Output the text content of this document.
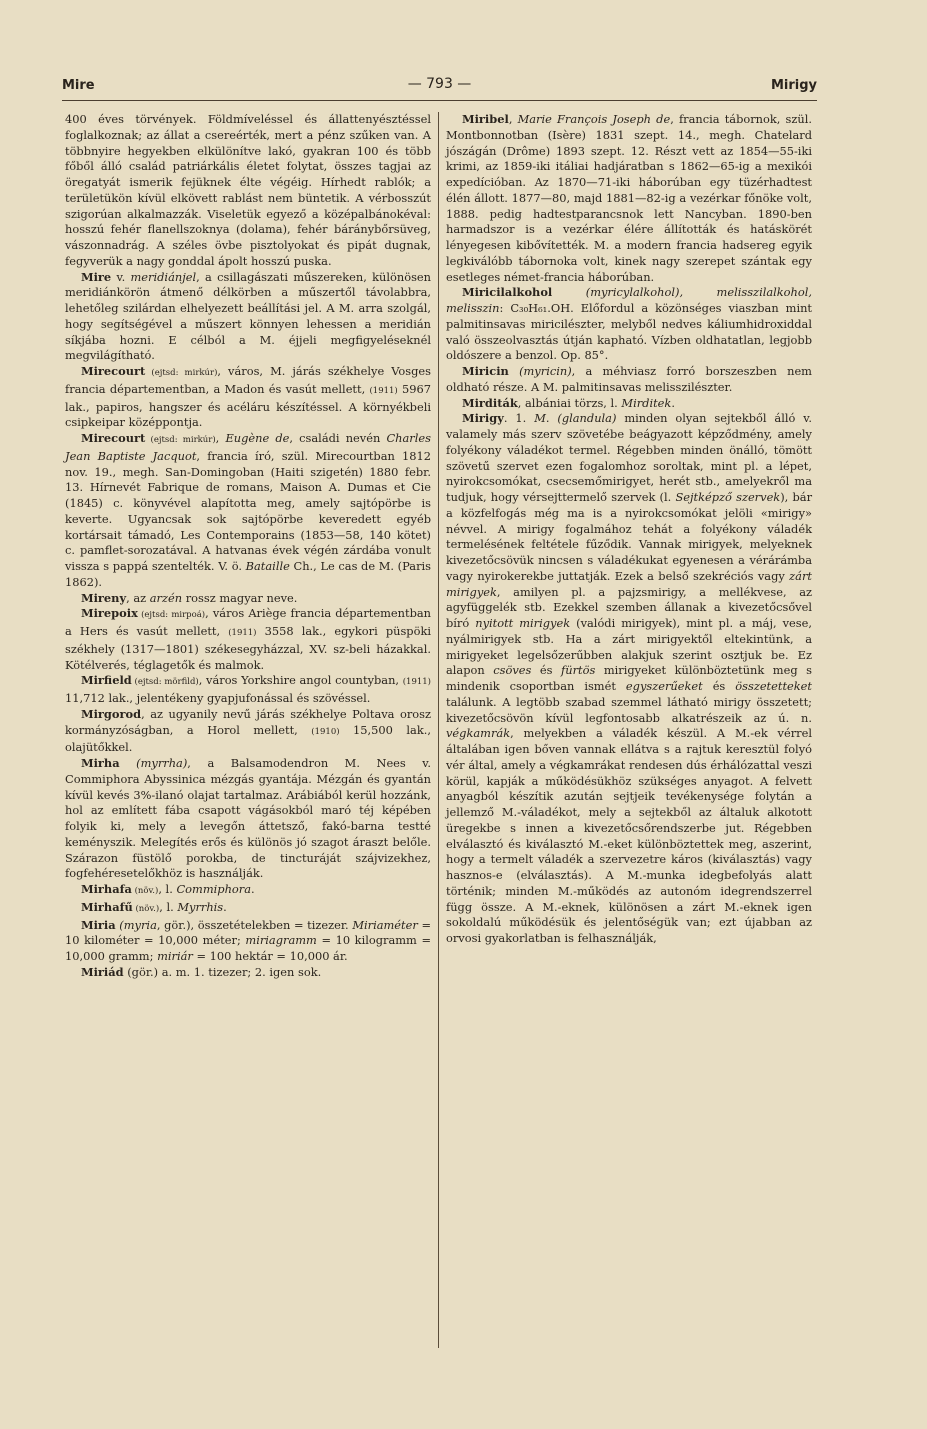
Mire	— 793 —	Mirigy

400 éves törvények. Földmíveléssel és állattenyésztéssel foglalkoznak; az állat a csereérték, mert a pénz szűken van. A többnyire hegyekben elkülönítve lakó, gyakran 100 és több főből álló család patriárkális életet folytat, összes tagjai az öregatyát ismerik fejüknek élte végéig. Hírhedt rablók; a területükön kívül elkövett rablást nem büntetik. A vérbosszút szigorúan alkalmazzák. Viseletük egyező a középalbánokéval: hosszú fehér flanellszoknya (dolama), fehér báránybőrsüveg, vászonnadrág. A széles övbe pisztolyokat és pipát dugnak, fegyverük a nagy gonddal ápolt hosszú puska.

Mire v. meridiánjel, a csillagászati műszereken, különösen meridiánkörön átmenő délkörben a műszertől távolabbra, lehetőleg szilárdan elhelyezett beállítási jel. A M. arra szolgál, hogy segítségével a műszert könnyen lehessen a meridián síkjába hozni. E célból a M. éjjeli megfigyeléseknél megvilágítható.

Mirecourt (ejtsd: mirkúr), város, M. járás székhelye Vosges francia départementban, a Madon és vasút mellett, (1911) 5967 lak., papiros, hangszer és acéláru készítéssel. A környékbeli csipkeipar középpontja.

Mirecourt (ejtsd: mirkúr), Eugène de, családi nevén Charles Jean Baptiste Jacquot, francia író, szül. Mirecourtban 1812 nov. 19., megh. San-Domingoban (Haiti szigetén) 1880 febr. 13. Hírnevét Fabrique de romans, Maison A. Dumas et Cie (1845) c. könyvével alapította meg, amely sajtópörbe is keverte. Ugyancsak sok sajtópörbe keveredett egyéb kortársait támadó, Les Contemporains (1853—58, 140 kötet) c. pamflet-sorozatával. A hatvanas évek végén zárdába vonult vissza s pappá szentelték. V. ö. Bataille Ch., Le cas de M. (Paris 1862).

Mireny, az arzén rossz magyar neve.

Mirepoix (ejtsd: mirpoá), város Ariège francia départementban a Hers és vasút mellett, (1911) 3558 lak., egykori püspöki székhely (1317—1801) székesegyházzal, XV. sz-beli házakkal. Kötélverés, téglagetők és malmok.

Mirfield (ejtsd: mörfild), város Yorkshire angol countyban, (1911) 11,712 lak., jelentékeny gyapjufonással és szövéssel.

Mirgorod, az ugyanily nevű járás székhelye Poltava orosz kormányzóságban, a Horol mellett, (1910) 15,500 lak., olajütőkkel.

Mirha (myrrha), a Balsamodendron M. Nees v. Commiphora Abyssinica mézgás gyantája. Mézgán és gyantán kívül kevés 3%-ilanó olajat tartalmaz. Arábiából kerül hozzánk, hol az említett fába csapott vágásokból maró téj képében folyik ki, mely a levegőn áttetsző, fakó-barna testté keményszik. Melegítés erős és különös jó szagot áraszt belőle. Szárazon füstölő porokba, de tincturáját szájvizekhez, fogfehéresetelőkhöz is használják.

Mirhafa (növ.), l. Commiphora.

Mirhafű (növ.), l. Myrrhis.

Miria (myria, gör.), összetételekben = tizezer. Miriaméter = 10 kilométer = 10,000 méter; miriagramm = 10 kilogramm = 10,000 gramm; miriár = 100 hektár = 10,000 ár.

Miriád (gör.) a. m. 1. tizezer; 2. igen sok.

Miribel, Marie François Joseph de, francia tábornok, szül. Montbonnotban (Isère) 1831 szept. 14., megh. Chatelard jószágán (Drôme) 1893 szept. 12. Részt vett az 1854—55-iki krimi, az 1859-iki itáliai hadjáratban s 1862—65-ig a mexikói expedícióban. Az 1870—71-iki háborúban egy tüzérhadtest élén állott. 1877—80, majd 1881—82-ig a vezérkar főnöke volt, 1888. pedig hadtestparancsnok lett Nancyban. 1890-ben harmadszor is a vezérkar élére állították és hatáskörét lényegesen kibővítették. M. a modern francia hadsereg egyik legkiválóbb tábornoka volt, kinek nagy szerepet szántak egy esetleges német-francia háborúban.

Miricilalkohol	(myricylalkohol), melisszilalkohol, melisszin: C₃₀H₆₁.OH. Előfordul a közönséges viaszban mint palmitinsavas miricilészter, melyből nedves káliumhidroxiddal való összeolvasztás útján kapható. Vízben oldhatatlan, legjobb oldószere a benzol. Op. 85°.

Miricin (myricin), a méhviasz forró borszeszben nem oldható része. A M. palmitinsavas melisszilészter.

Mirditák, albániai törzs, l. Mirditek.

Mirigy. 1. M. (glandula) minden olyan sejtekből álló v. valamely más szerv szövetébe beágyazott képződmény, amely folyékony váladékot termel. Régebben minden önálló, tömött szövetű szervet ezen fogalomhoz soroltak, mint pl. a lépet, nyirokcsomókat, csecsemőmirigyet, herét stb., amelyekről ma tudjuk, hogy vérsejttermelő szervek (l. Sejtképző szervek), bár a közfelfogás még ma is a nyirokcsomókat jelöli «mirigy» névvel. A mirigy fogalmához tehát a folyékony váladék termelésének feltétele fűződik. Vannak mirigyek, melyeknek kivezetőcsövük nincsen s váladékukat egyenesen a vérárámba vagy nyirokerekbe juttatják. Ezek a belső szekréciós vagy zárt mirigyek, amilyen pl. a pajzsmirigy, a mellékvese, az agyfüggelék stb. Ezekkel szemben állanak a kivezetőcsővel bíró nyitott mirigyek (valódi mirigyek), mint pl. a máj, vese, nyálmirigyek stb. Ha a zárt mirigyektől eltekintünk, a mirigyeket legelsőzerűbben alakjuk szerint osztjuk be. Ez alapon csöves és fürtös mirigyeket különböztetünk meg s mindenik csoportban ismét egyszerűeket és összetetteket találunk. A legtöbb szabad szemmel látható mirigy összetett; kivezetőcsövön kívül legfontosabb alkatrészeik az ú. n. végkamrák, melyekben a váladék készül. A M.-ek vérrel általában igen bőven vannak ellátva s a rajtuk keresztül folyó vér által, amely a végkamrákat rendesen dús érhálózattal veszi körül, kapják a működésükhöz szükséges anyagot. A felvett anyagból készítik azután sejtjeik tevékenysége folytán a jellemző M.-váladékot, mely a sejtekből az általuk alkotott üregekbe s innen a kivezetőcsőrendszerbe jut. Régebben elválasztó és kiválasztó M.-eket különböztettek meg, aszerint, hogy a termelt váladék a szervezetre káros (kiválasztás) vagy hasznos-e (elválasztás). A M.-munka idegbefolyás alatt történik; minden M.-működés az autonóm idegrendszerrel függ össze. A M.-eknek, különösen a zárt M.-eknek igen sokoldalú működésük és jelentőségük van; ezt újabban az orvosi gyakorlatban is felhasználják,
